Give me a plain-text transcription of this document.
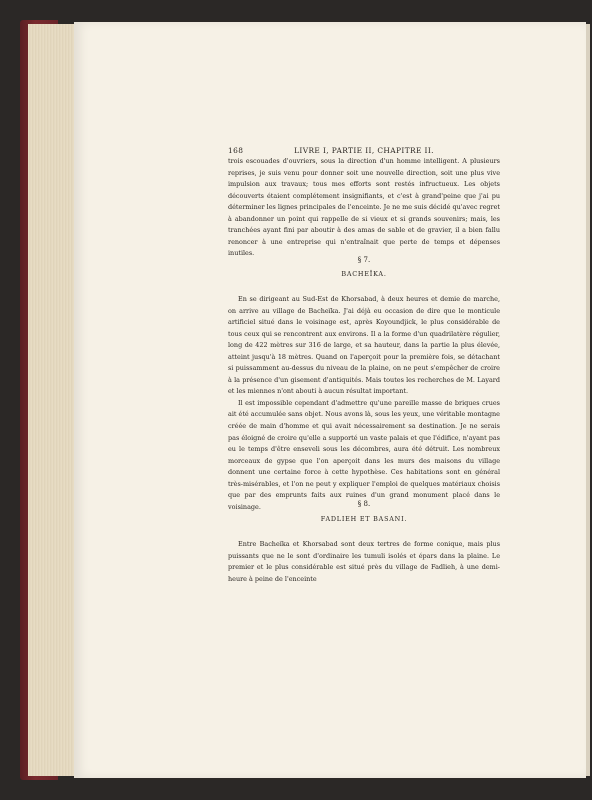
168	LIVRE I, PARTIE II, CHAPITRE II.

trois escouades d'ouvriers, sous la direction d'un homme intelligent. A plusieurs reprises, je suis venu pour donner soit une nouvelle direction, soit une plus vive impulsion aux travaux; tous mes efforts sont restés infructueux. Les objets découverts étaient complétement insignifiants, et c'est à grand'peine que j'ai pu déterminer les lignes principales de l'enceinte. Je ne me suis décidé qu'avec regret à abandonner un point qui rappelle de si vieux et si grands souvenirs; mais, les tranchées ayant fini par aboutir à des amas de sable et de gravier, il a bien fallu renoncer à une entreprise qui n'entraînait que perte de temps et dépenses inutiles.

§ 7.
BACHEÏKA.

En se dirigeant au Sud-Est de Khorsabad, à deux heures et demie de marche, on arrive au village de Bacheïka. J'ai déjà eu occasion de dire que le monticule artificiel situé dans le voisinage est, après Koyoundjick, le plus considérable de tous ceux qui se rencontrent aux environs. Il a la forme d'un quadrilatère régulier, long de 422 mètres sur 316 de large, et sa hauteur, dans la partie la plus élevée, atteint jusqu'à 18 mètres. Quand on l'aperçoit pour la première fois, se détachant si puissamment au-dessus du niveau de la plaine, on ne peut s'empêcher de croire à la présence d'un gisement d'antiquités. Mais toutes les recherches de M. Layard et les miennes n'ont abouti à aucun résultat important.

Il est impossible cependant d'admettre qu'une pareille masse de briques crues ait été accumulée sans objet. Nous avons là, sous les yeux, une véritable montagne créée de main d'homme et qui avait nécessairement sa destination. Je ne serais pas éloigné de croire qu'elle a supporté un vaste palais et que l'édifice, n'ayant pas eu le temps d'être enseveli sous les décombres, aura été détruit. Les nombreux morceaux de gypse que l'on aperçoit dans les murs des maisons du village donnent une certaine force à cette hypothèse. Ces habitations sont en général très-misérables, et l'on ne peut y expliquer l'emploi de quelques matériaux choisis que par des emprunts faits aux ruines d'un grand monument placé dans le voisinage.	§ 8.
FADLIEH ET BASANI.

Entre Bacheïka et Khorsabad sont deux tertres de forme conique, mais plus puissants que ne le sont d'ordinaire les tumuli isolés et épars dans la plaine. Le premier et le plus considérable est situé près du village de Fadlieh, à une demi-heure à peine de l'enceinte
